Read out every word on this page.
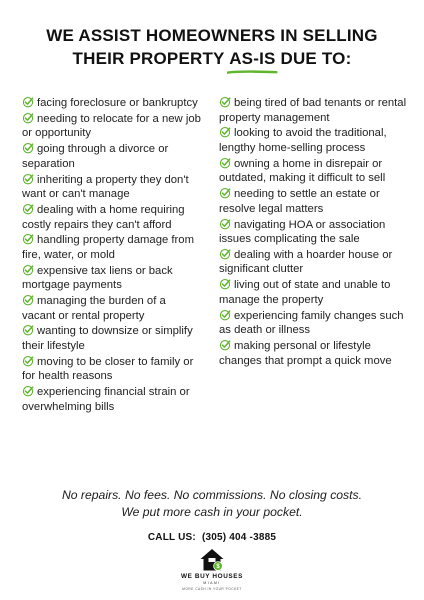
WE ASSIST HOMEOWNERS IN SELLING
THEIR PROPERTY AS-IS
DUE TO:
facing foreclosure or bankruptcy
needing to relocate for a new job or opportunity
going through a divorce or separation
inheriting a property they don't want or can't manage
dealing with a home requiring costly repairs they can't afford
handling property damage from fire, water, or mold
expensive tax liens or back mortgage payments
managing the burden of a vacant or rental property
wanting to downsize or simplify their lifestyle
moving to be closer to family or for health reasons
experiencing financial strain or overwhelming bills
being tired of bad tenants or rental property management
looking to avoid the traditional, lengthy home-selling process
owning a home in disrepair or outdated, making it difficult to sell
needing to settle an estate or resolve legal matters
navigating HOA or association issues complicating the sale
dealing with a hoarder house or significant clutter
living out of state and unable to manage the property
experiencing family changes such as death or illness
making personal or lifestyle changes that prompt a quick move
No repairs. No fees. No commissions. No closing costs.
We put more cash in your pocket.
CALL US: (305) 404 -3885
$
WE BUY HOUSES
MIAMI
MORE CASH IN YOUR POCKET
